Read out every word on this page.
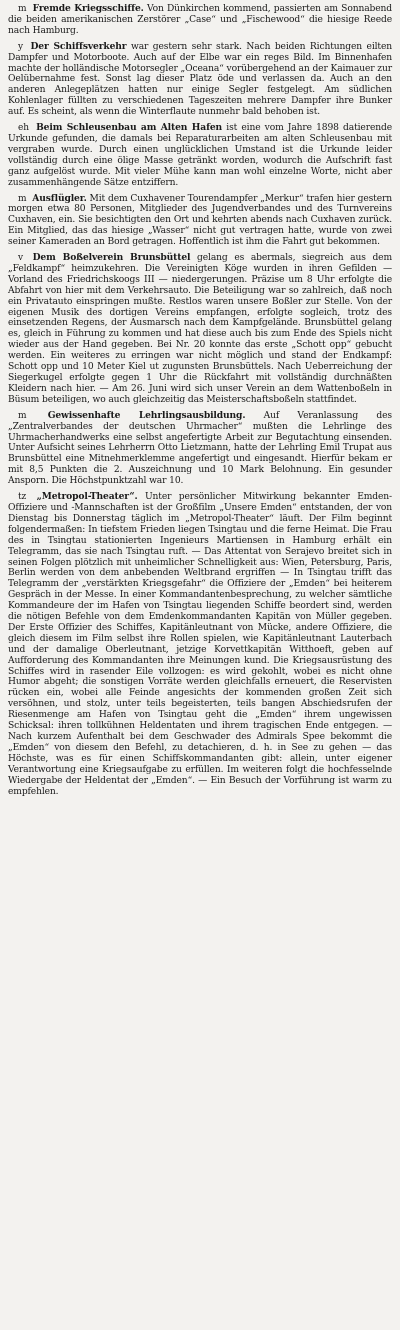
m Fremde Kriegsschiffe. Von Dünkirchen kommend, passierten am Sonnabend die beiden amerikanischen Zerstörer „Case“ und „Fischewood“ die hiesige Reede nach Hamburg.

y Der Schiffsverkehr war gestern sehr stark. Nach beiden Richtungen eilten Dampfer und Motorboote. Auch auf der Elbe war ein reges Bild. Im Binnenhafen machte der holländische Motorsegler „Oceana“ vorübergehend an der Kaimauer zur Oelübernahme fest. Sonst lag dieser Platz öde und verlassen da. Auch an den anderen Anlegeplätzen hatten nur einige Segler festgelegt. Am südlichen Kohlenlager füllten zu verschiedenen Tageszeiten mehrere Dampfer ihre Bunker auf. Es scheint, als wenn die Winterflaute nunmehr bald behoben ist.

eh Beim Schleusenbau am Alten Hafen ist eine vom Jahre 1898 datierende Urkunde gefunden, die damals bei Reparaturarbeiten am alten Schleusenbau mit vergraben wurde. Durch einen unglücklichen Umstand ist die Urkunde leider vollständig durch eine ölige Masse getränkt worden, wodurch die Aufschrift fast ganz aufgelöst wurde. Mit vieler Mühe kann man wohl einzelne Worte, nicht aber zusammenhängende Sätze entziffern.

m Ausflügler. Mit dem Cuxhavener Tourendampfer „Merkur“ trafen hier gestern morgen etwa 80 Personen, Mitglieder des Jugendverbandes und des Turnvereins Cuxhaven, ein. Sie besichtigten den Ort und kehrten abends nach Cuxhaven zurück. Ein Mitglied, das das hiesige „Wasser“ nicht gut vertragen hatte, wurde von zwei seiner Kameraden an Bord getragen. Hoffentlich ist ihm die Fahrt gut bekommen.

v Dem Boßelverein Brunsbüttel gelang es abermals, siegreich aus dem „Feldkampf“ heimzukehren. Die Vereinigten Köge wurden in ihren Gefilden — Vorland des Friedrichskoogs III — niedergerungen. Präzise um 8 Uhr erfolgte die Abfahrt von hier mit dem Verkehrsauto. Die Beteiligung war so zahlreich, daß noch ein Privatauto einspringen mußte. Restlos waren unsere Boßler zur Stelle. Von der eigenen Musik des dortigen Vereins empfangen, erfolgte sogleich, trotz des einsetzenden Regens, der Ausmarsch nach dem Kampfgelände. Brunsbüttel gelang es, gleich in Führung zu kommen und hat diese auch bis zum Ende des Spiels nicht wieder aus der Hand gegeben. Bei Nr. 20 konnte das erste „Schott opp“ gebucht werden. Ein weiteres zu erringen war nicht möglich und stand der Endkampf: Schott opp und 10 Meter Kiel ut zugunsten Brunsbüttels. Nach Ueberreichung der Siegerkugel erfolgte gegen 1 Uhr die Rückfahrt mit vollständig durchnäßten Kleidern nach hier. — Am 26. Juni wird sich unser Verein an dem Wattenboßeln in Büsum beteiligen, wo auch gleichzeitig das Meisterschaftsboßeln stattfindet.

m Gewissenhafte Lehrlingsausbildung. Auf Veranlassung des „Zentralverbandes der deutschen Uhrmacher“ mußten die Lehrlinge des Uhrmacherhandwerks eine selbst angefertigte Arbeit zur Begutachtung einsenden. Unter Aufsicht seines Lehrherrn Otto Lietzmann, hatte der Lehrling Emil Trupat aus Brunsbüttel eine Mitnehmerklemme angefertigt und eingesandt. Hierfür bekam er mit 8,5 Punkten die 2. Auszeichnung und 10 Mark Belohnung. Ein gesunder Ansporn. Die Höchstpunktzahl war 10.

tz „Metropol-Theater“. Unter persönlicher Mitwirkung bekannter Emden-Offiziere und -Mannschaften ist der Großfilm „Unsere Emden“ entstanden, der von Dienstag bis Donnerstag täglich im „Metropol-Theater“ läuft. Der Film beginnt folgendermaßen: In tiefstem Frieden liegen Tsingtau und die ferne Heimat. Die Frau des in Tsingtau stationierten Ingenieurs Martiensen in Hamburg erhält ein Telegramm, das sie nach Tsingtau ruft. — Das Attentat von Serajevo breitet sich in seinen Folgen plötzlich mit unheimlicher Schnelligkeit aus: Wien, Petersburg, Paris, Berlin werden von dem anbebenden Weltbrand ergriffen — In Tsingtau trifft das Telegramm der „verstärkten Kriegsgefahr“ die Offiziere der „Emden“ bei heiterem Gespräch in der Messe. In einer Kommandantenbesprechung, zu welcher sämtliche Kommandeure der im Hafen von Tsingtau liegenden Schiffe beordert sind, werden die nötigen Befehle von dem Emdenkommandanten Kapitän von Müller gegeben. Der Erste Offizier des Schiffes, Kapitänleutnant von Mücke, andere Offiziere, die gleich diesem im Film selbst ihre Rollen spielen, wie Kapitänleutnant Lauterbach und der damalige Oberleutnant, jetzige Korvettkapitän Witthoeft, geben auf Aufforderung des Kommandanten ihre Meinungen kund. Die Kriegsausrüstung des Schiffes wird in rasender Eile vollzogen: es wird gekohlt, wobei es nicht ohne Humor abgeht; die sonstigen Vorräte werden gleichfalls erneuert, die Reservisten rücken ein, wobei alle Feinde angesichts der kommenden großen Zeit sich versöhnen, und stolz, unter teils begeisterten, teils bangen Abschiedsrufen der Riesenmenge am Hafen von Tsingtau geht die „Emden“ ihrem ungewissen Schicksal: ihren tollkühnen Heldentaten und ihrem tragischen Ende entgegen. — Nach kurzem Aufenthalt bei dem Geschwader des Admirals Spee bekommt die „Emden“ von diesem den Befehl, zu detachieren, d. h. in See zu gehen — das Höchste, was es für einen Schiffskommandanten gibt: allein, unter eigener Verantwortung eine Kriegsaufgabe zu erfüllen. Im weiteren folgt die hochfesselnde Wiedergabe der Heldentat der „Emden“. — Ein Besuch der Vorführung ist warm zu empfehlen.
